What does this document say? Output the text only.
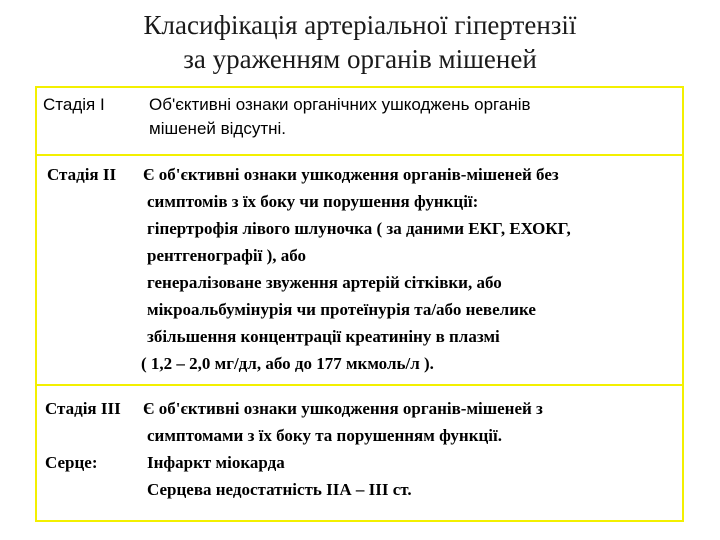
Класифікація артеріальної гіпертензії
за ураженням органів мішеней
Стадія І	Об'єктивні ознаки органічних ушкоджень органів
мішеней відсутні.
Стадія ІІ Є об'єктивні ознаки ушкодження органів-мішеней без
симптомів з їх боку чи порушення функції:
гіпертрофія лівого шлуночка ( за даними ЕКГ, ЕХОКГ,
рентгенографії ), або
генералізоване звуження артерій сітківки, або
мікроальбумінурія чи протеїнурія та/або невелике
збільшення концентрації креатиніну в плазмі
( 1,2 – 2,0 мг/дл, або до 177 мкмоль/л ).
Стадія ІІІ Є об'єктивні ознаки ушкодження органів-мішеней з
симптомами з їх боку та порушенням функції.
Серце:	Інфаркт міокарда
Серцева недостатність ІІА – ІІІ ст.
